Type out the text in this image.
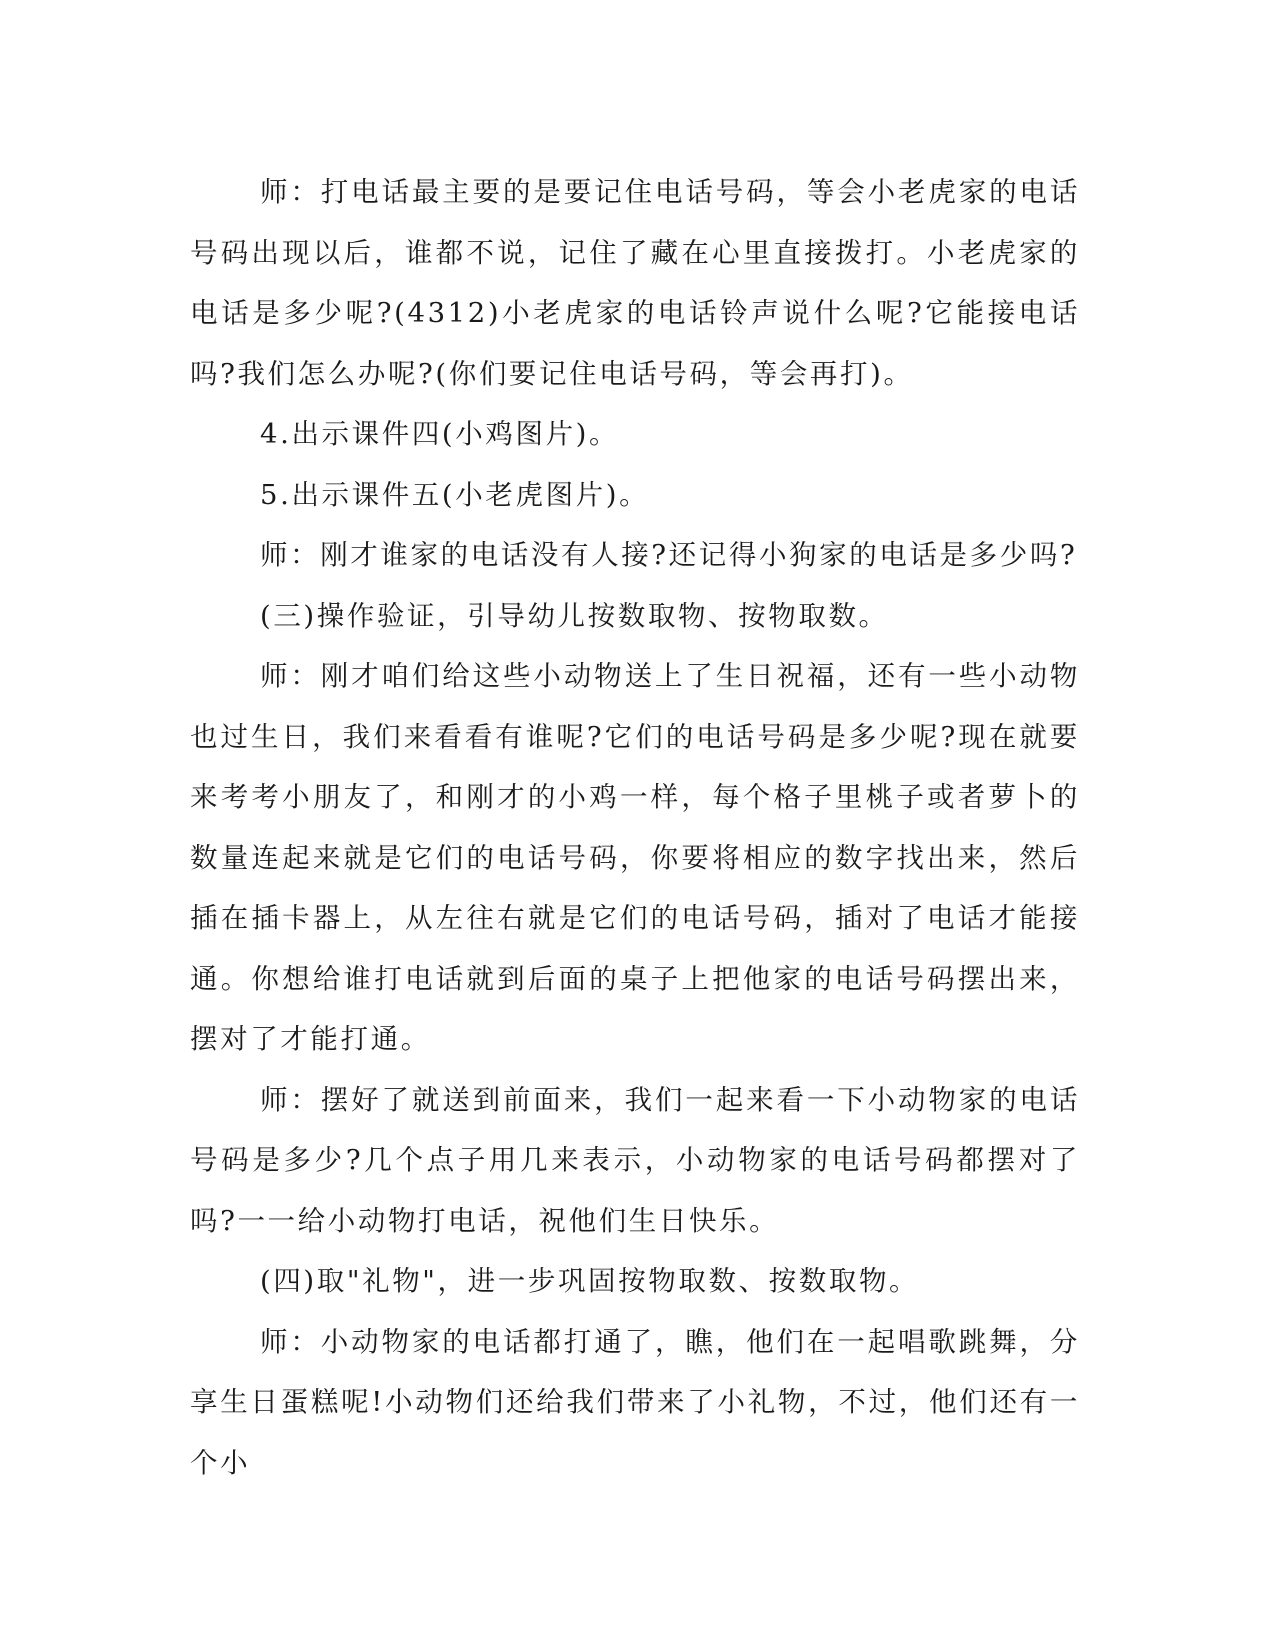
师：打电话最主要的是要记住电话号码，等会小老虎家的电话号码出现以后，谁都不说，记住了藏在心里直接拨打。小老虎家的电话是多少呢?(4312)小老虎家的电话铃声说什么呢?它能接电话吗?我们怎么办呢?(你们要记住电话号码，等会再打)。

4.出示课件四(小鸡图片)。

5.出示课件五(小老虎图片)。

师：刚才谁家的电话没有人接?还记得小狗家的电话是多少吗?

(三)操作验证，引导幼儿按数取物、按物取数。

师：刚才咱们给这些小动物送上了生日祝福，还有一些小动物也过生日，我们来看看有谁呢?它们的电话号码是多少呢?现在就要来考考小朋友了，和刚才的小鸡一样，每个格子里桃子或者萝卜的数量连起来就是它们的电话号码，你要将相应的数字找出来，然后插在插卡器上，从左往右就是它们的电话号码，插对了电话才能接通。你想给谁打电话就到后面的桌子上把他家的电话号码摆出来，摆对了才能打通。

师：摆好了就送到前面来，我们一起来看一下小动物家的电话号码是多少?几个点子用几来表示，小动物家的电话号码都摆对了吗?一一给小动物打电话，祝他们生日快乐。

(四)取"礼物"，进一步巩固按物取数、按数取物。

师：小动物家的电话都打通了，瞧，他们在一起唱歌跳舞，分享生日蛋糕呢!小动物们还给我们带来了小礼物，不过，他们还有一个小
